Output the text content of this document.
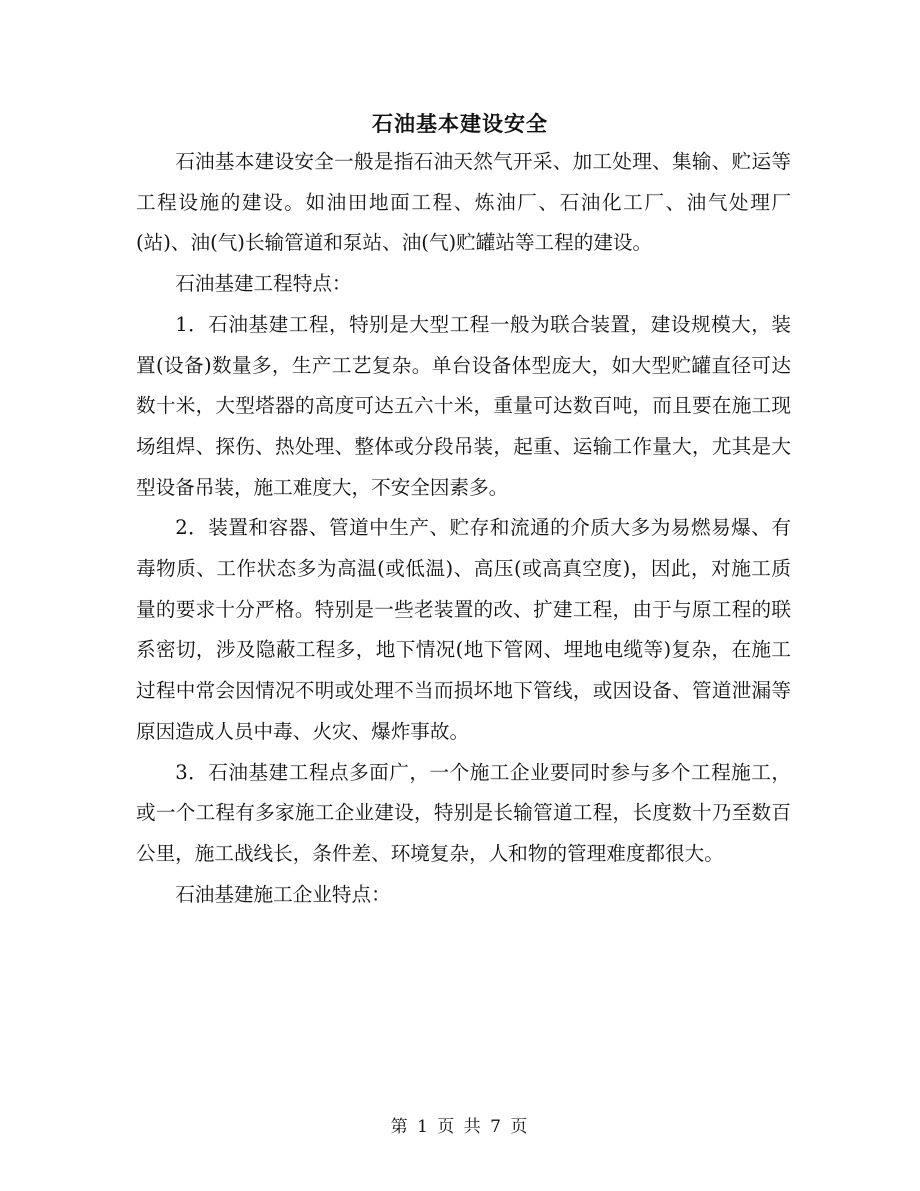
石油基本建设安全

石油基本建设安全一般是指石油天然气开采、加工处理、集输、贮运等工程设施的建设。如油田地面工程、炼油厂、石油化工厂、油气处理厂(站)、油(气)长输管道和泵站、油(气)贮罐站等工程的建设。

石油基建工程特点：

1．石油基建工程，特别是大型工程一般为联合装置，建设规模大，装置(设备)数量多，生产工艺复杂。单台设备体型庞大，如大型贮罐直径可达数十米，大型塔器的高度可达五六十米，重量可达数百吨，而且要在施工现场组焊、探伤、热处理、整体或分段吊装，起重、运输工作量大，尤其是大型设备吊装，施工难度大，不安全因素多。

2．装置和容器、管道中生产、贮存和流通的介质大多为易燃易爆、有毒物质、工作状态多为高温(或低温)、高压(或高真空度)，因此，对施工质量的要求十分严格。特别是一些老装置的改、扩建工程，由于与原工程的联系密切，涉及隐蔽工程多，地下情况(地下管网、埋地电缆等)复杂，在施工过程中常会因情况不明或处理不当而损坏地下管线，或因设备、管道泄漏等原因造成人员中毒、火灾、爆炸事故。

3．石油基建工程点多面广，一个施工企业要同时参与多个工程施工，或一个工程有多家施工企业建设，特别是长输管道工程，长度数十乃至数百公里，施工战线长，条件差、环境复杂，人和物的管理难度都很大。

石油基建施工企业特点：

第 1 页 共 7 页
